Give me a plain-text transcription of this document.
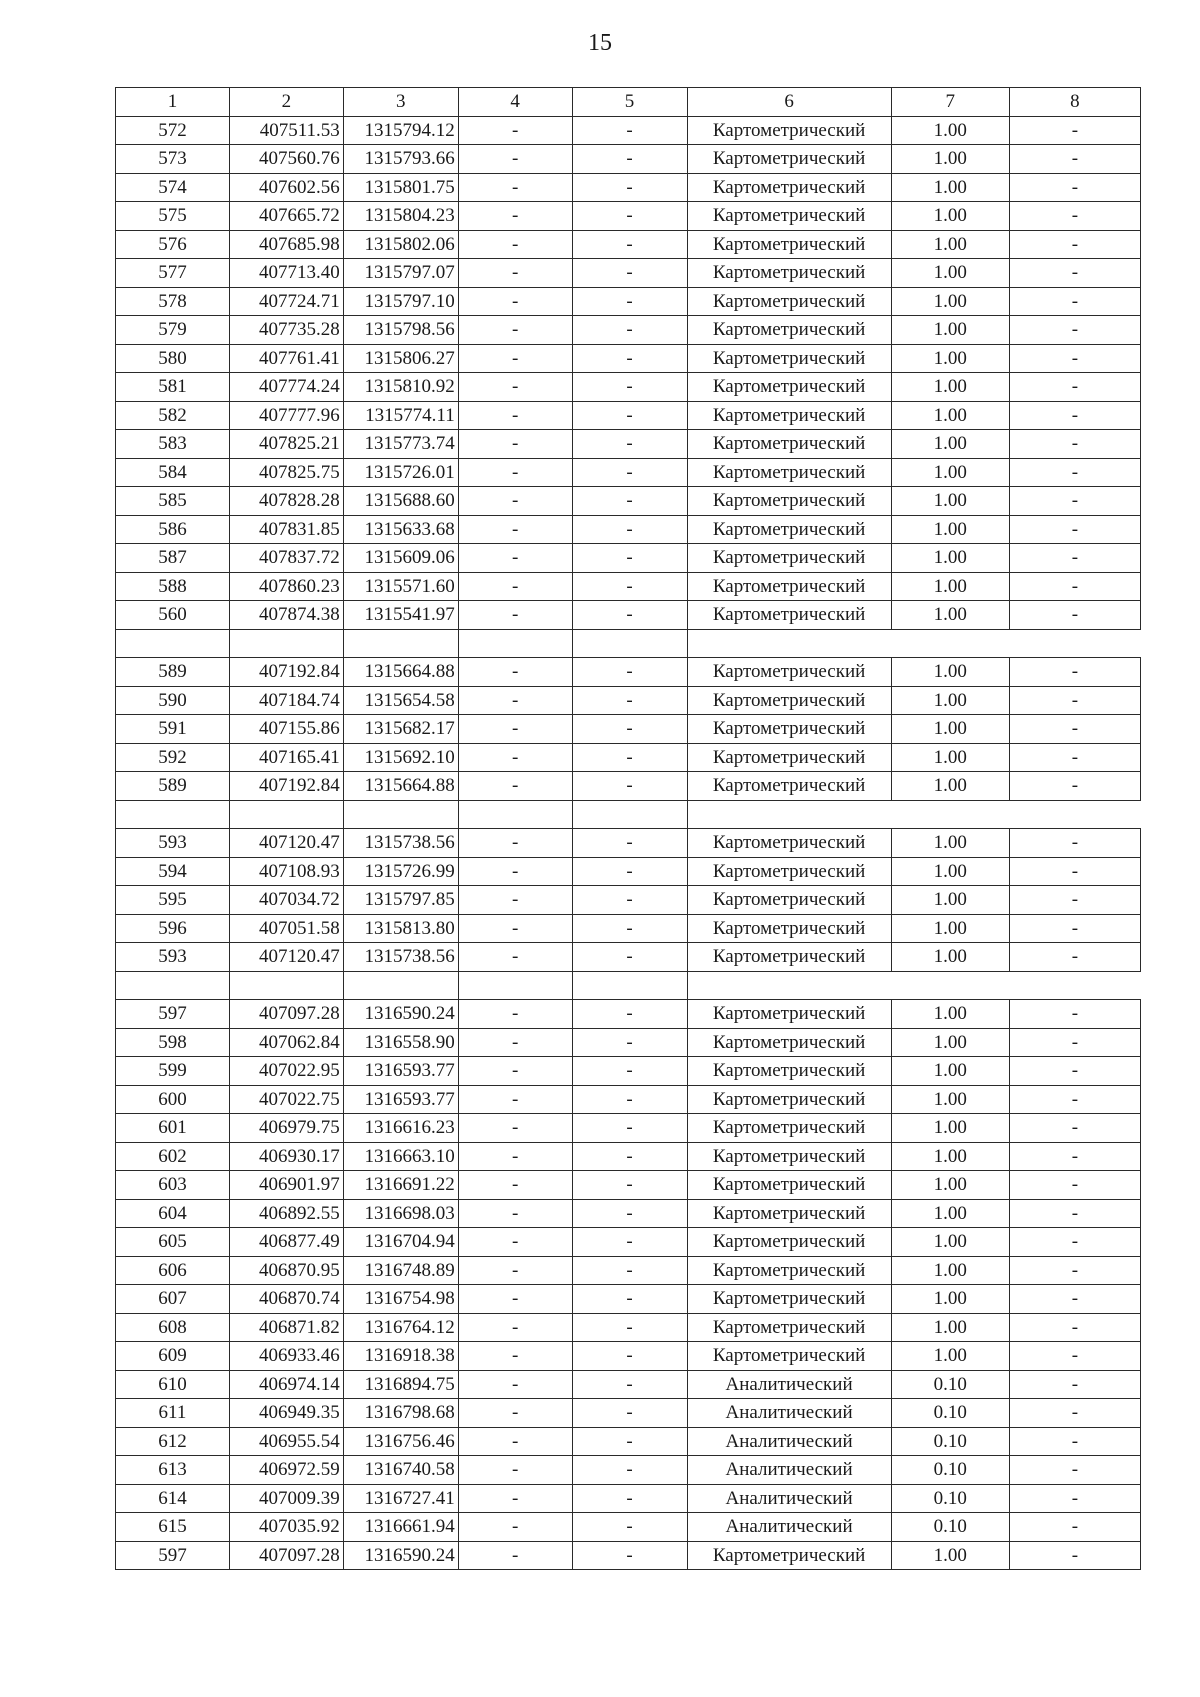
15
1	2	3	4	5	6	7	8
572	407511.53	1315794.12	-	-	Картометрический	1.00	-
573	407560.76	1315793.66	-	-	Картометрический	1.00	-
574	407602.56	1315801.75	-	-	Картометрический	1.00	-
575	407665.72	1315804.23	-	-	Картометрический	1.00	-
576	407685.98	1315802.06	-	-	Картометрический	1.00	-
577	407713.40	1315797.07	-	-	Картометрический	1.00	-
578	407724.71	1315797.10	-	-	Картометрический	1.00	-
579	407735.28	1315798.56	-	-	Картометрический	1.00	-
580	407761.41	1315806.27	-	-	Картометрический	1.00	-
581	407774.24	1315810.92	-	-	Картометрический	1.00	-
582	407777.96	1315774.11	-	-	Картометрический	1.00	-
583	407825.21	1315773.74	-	-	Картометрический	1.00	-
584	407825.75	1315726.01	-	-	Картометрический	1.00	-
585	407828.28	1315688.60	-	-	Картометрический	1.00	-
586	407831.85	1315633.68	-	-	Картометрический	1.00	-
587	407837.72	1315609.06	-	-	Картометрический	1.00	-
588	407860.23	1315571.60	-	-	Картометрический	1.00	-
560	407874.38	1315541.97	-	-	Картометрический	1.00	-

589	407192.84	1315664.88	-	-	Картометрический	1.00	-
590	407184.74	1315654.58	-	-	Картометрический	1.00	-
591	407155.86	1315682.17	-	-	Картометрический	1.00	-
592	407165.41	1315692.10	-	-	Картометрический	1.00	-
589	407192.84	1315664.88	-	-	Картометрический	1.00	-

593	407120.47	1315738.56	-	-	Картометрический	1.00	-
594	407108.93	1315726.99	-	-	Картометрический	1.00	-
595	407034.72	1315797.85	-	-	Картометрический	1.00	-
596	407051.58	1315813.80	-	-	Картометрический	1.00	-
593	407120.47	1315738.56	-	-	Картометрический	1.00	-

597	407097.28	1316590.24	-	-	Картометрический	1.00	-
598	407062.84	1316558.90	-	-	Картометрический	1.00	-
599	407022.95	1316593.77	-	-	Картометрический	1.00	-
600	407022.75	1316593.77	-	-	Картометрический	1.00	-
601	406979.75	1316616.23	-	-	Картометрический	1.00	-
602	406930.17	1316663.10	-	-	Картометрический	1.00	-
603	406901.97	1316691.22	-	-	Картометрический	1.00	-
604	406892.55	1316698.03	-	-	Картометрический	1.00	-
605	406877.49	1316704.94	-	-	Картометрический	1.00	-
606	406870.95	1316748.89	-	-	Картометрический	1.00	-
607	406870.74	1316754.98	-	-	Картометрический	1.00	-
608	406871.82	1316764.12	-	-	Картометрический	1.00	-
609	406933.46	1316918.38	-	-	Картометрический	1.00	-
610	406974.14	1316894.75	-	-	Аналитический	0.10	-
611	406949.35	1316798.68	-	-	Аналитический	0.10	-
612	406955.54	1316756.46	-	-	Аналитический	0.10	-
613	406972.59	1316740.58	-	-	Аналитический	0.10	-
614	407009.39	1316727.41	-	-	Аналитический	0.10	-
615	407035.92	1316661.94	-	-	Аналитический	0.10	-
597	407097.28	1316590.24	-	-	Картометрический	1.00	-
